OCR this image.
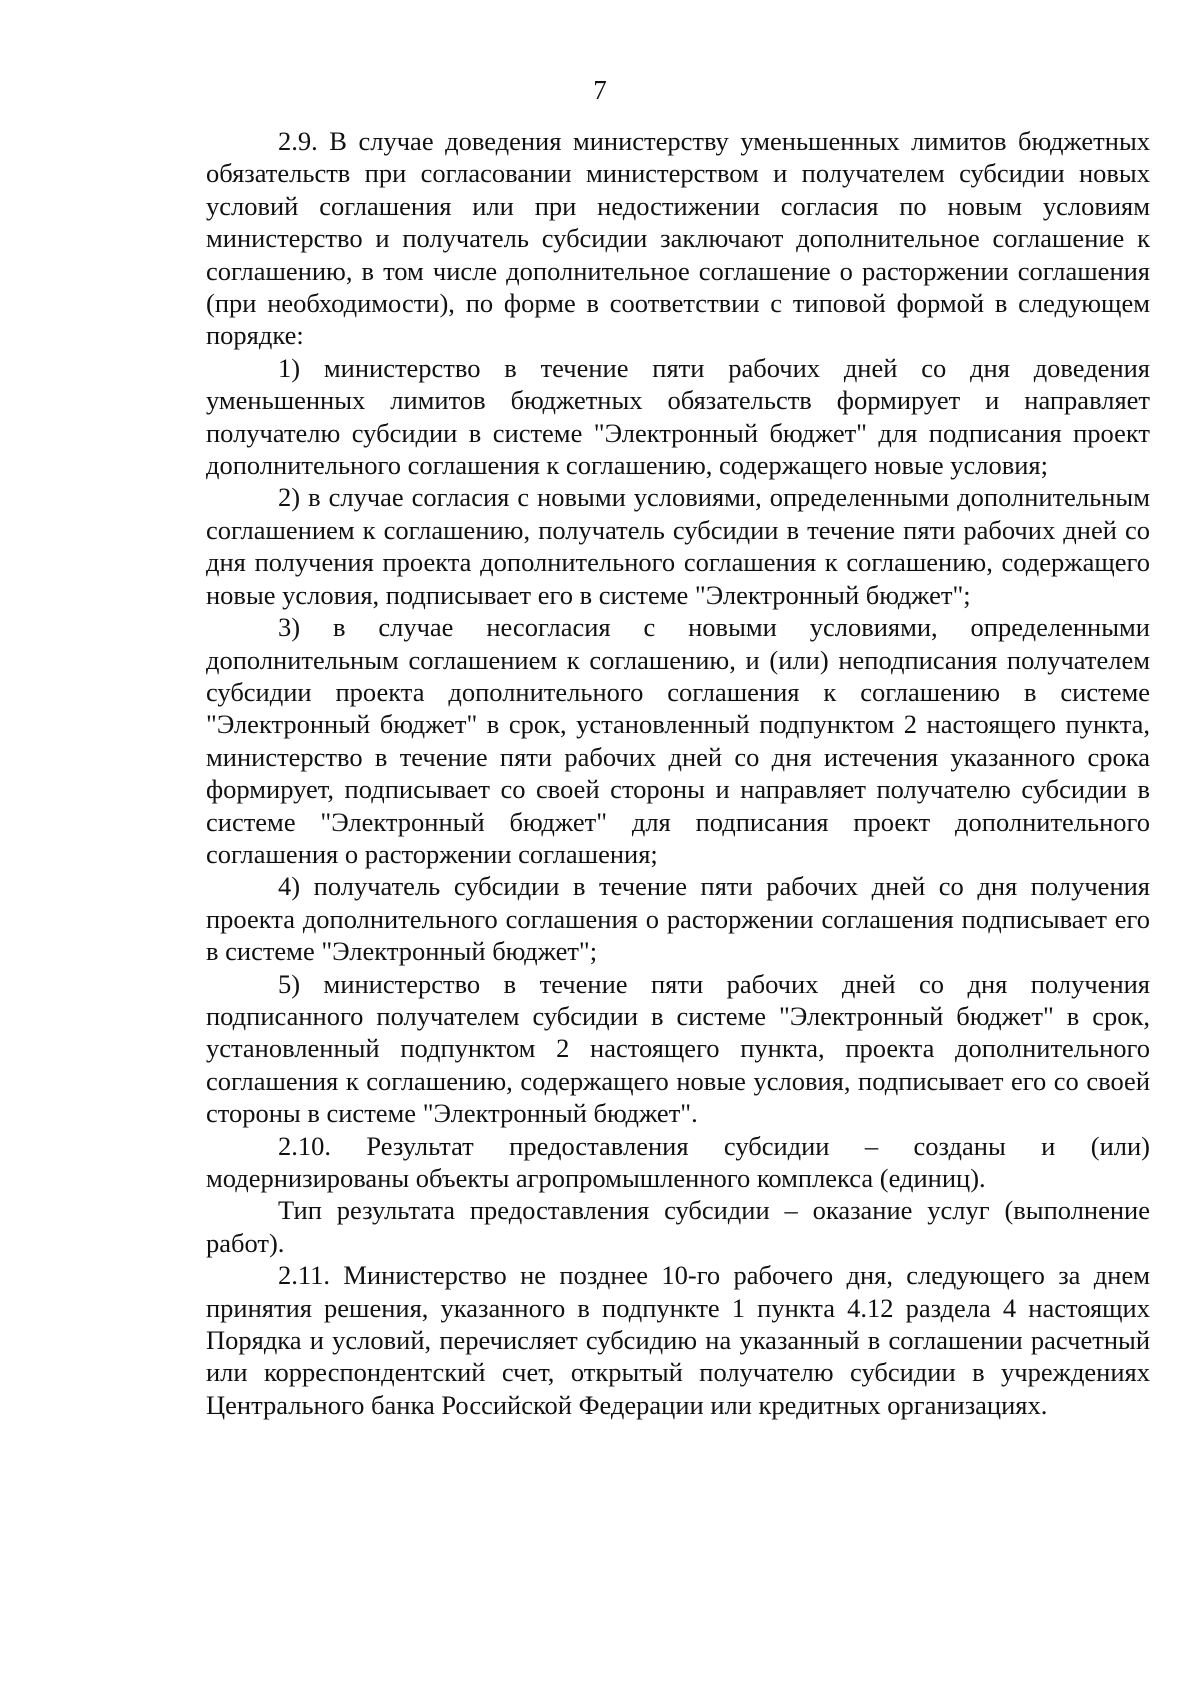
7

2.9. В случае доведения министерству уменьшенных лимитов бюджетных обязательств при согласовании министерством и получателем субсидии новых условий соглашения или при недостижении согласия по новым условиям министерство и получатель субсидии заключают дополнительное соглашение к соглашению, в том числе дополнительное соглашение о расторжении соглашения (при необходимости), по форме в соответствии с типовой формой в следующем порядке:

1) министерство в течение пяти рабочих дней со дня доведения уменьшенных лимитов бюджетных обязательств формирует и направляет получателю субсидии в системе "Электронный бюджет" для подписания проект дополнительного соглашения к соглашению, содержащего новые условия;

2) в случае согласия с новыми условиями, определенными дополнительным соглашением к соглашению, получатель субсидии в течение пяти рабочих дней со дня получения проекта дополнительного соглашения к соглашению, содержащего новые условия, подписывает его в системе "Электронный бюджет";

3) в случае несогласия с новыми условиями, определенными дополнительным соглашением к соглашению, и (или) неподписания получателем субсидии проекта дополнительного соглашения к соглашению в системе "Электронный бюджет" в срок, установленный подпунктом 2 настоящего пункта, министерство в течение пяти рабочих дней со дня истечения указанного срока формирует, подписывает со своей стороны и направляет получателю субсидии в системе "Электронный бюджет" для подписания проект дополнительного соглашения о расторжении соглашения;

4) получатель субсидии в течение пяти рабочих дней со дня получения проекта дополнительного соглашения о расторжении соглашения подписывает его в системе "Электронный бюджет";

5) министерство в течение пяти рабочих дней со дня получения подписанного получателем субсидии в системе "Электронный бюджет" в срок, установленный подпунктом 2 настоящего пункта, проекта дополнительного соглашения к соглашению, содержащего новые условия, подписывает его со своей стороны в системе "Электронный бюджет".

2.10. Результат предоставления субсидии – созданы и (или) модернизированы объекты агропромышленного комплекса (единиц).

Тип результата предоставления субсидии – оказание услуг (выполнение работ).

2.11. Министерство не позднее 10-го рабочего дня, следующего за днем принятия решения, указанного в подпункте 1 пункта 4.12 раздела 4 настоящих Порядка и условий, перечисляет субсидию на указанный в соглашении расчетный или корреспондентский счет, открытый получателю субсидии в учреждениях Центрального банка Российской Федерации или кредитных организациях.
